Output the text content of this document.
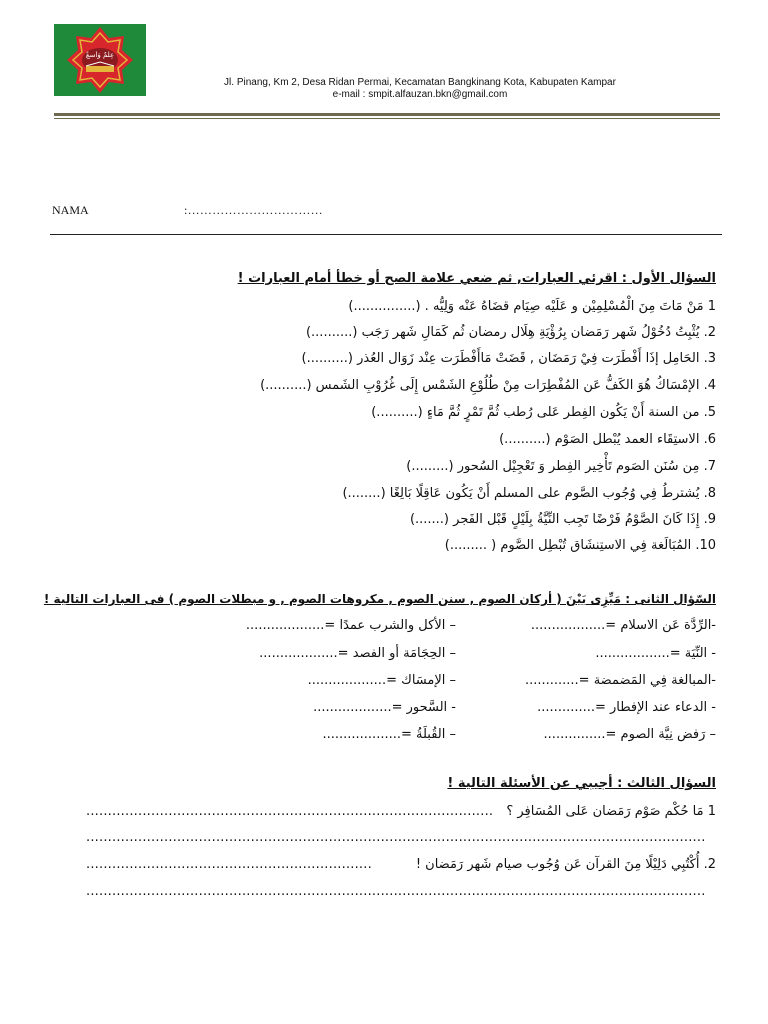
عِلمٌ وَاسعٌ
Jl. Pinang, Km 2, Desa Ridan Permai, Kecamatan Bangkinang Kota, Kabupaten Kampar
e-mail : smpit.alfauzan.bkn@gmail.com
NAMA	:……………………………
السؤال الأول : اقرئي العبارات, ثم ضعي علامة الصح أو خطأ أمام العبارات !
1 مَنْ مَاتَ مِنَ الْمُسْلِمِيْن و عَلَيْه صِيَام قضَاهُ عَنْه وَلِيُّه . (...............)
2. يُثْبِتُ دُخُوْلُ شَهر رَمَضان بِرُؤْيَةِ هِلَال رمضان ثُم كَمَالِ شَهر رَجَب (..........)
3. الحَامِل إذَا أَفْطَرَت فِيْ رَمَضَان , قَضَتْ مَاأَفْطَرَت عِنْد زَوَال العُذر (..........)
4. الإمْسَاكُ هُوَ الكَفُّ عَن المُفْطِرَات مِنْ طُلُوْعِ الشَمْس إِلَى غُرُوْبِ الشَمس (..........)
5. من السنة أَنْ يَكُون الفِطر عَلى رُطب ثُمَّ تَمْرٍ ثُمَّ مَاءٍ (..........)
6. الاستِقَاء العمد يُبْطل الصَوْم (..........)
7. مِن سُنَن الصَوم تَأْخِير الفِطر وَ تَعْجِيْل السُحور (.........)
8. يُشترطُ فِي وُجُوب الصَّوم على المسلم أَنْ يَكُون عَاقِلًا بَالِغًا (........)
9. إِذَا كَانَ الصَّوْمُ فَرْضًا تَجِب النِّيَّةُ بِلَيْلٍ قَبْل الفَجر (.......)
10. المُبَالَغة فِي الاستِنشَاق تُبْطِل الصَّوم ( .........)
السّؤال الثانى : مَيِّزِى بَيْنَ ( أركان الصوم , سنن الصوم , مكروهات الصوم , و مبطلات الصوم ) فى العبارات التالية !
-الرِّدَّة عَن الاسلام =..................
– الأكل والشرب عمدًا =...................
- النِّيَة =..................
– الحِجَامَة أو الفصد =...................
-المبالغة فِي المَضمضة =.............
– الإمسَاك =...................
- الدعاء عند الإفطار =..............
- السَّحور =...................
– رَفض نِيَّة الصوم =...............
– القُبلَةُ =...................
السؤال الثالث : أجيبي عن الأسئلة التالية !
1 مَا حُكْم صَوْم رَمَضان عَلى المُسَافِر ؟
..............................................................................................
...............................................................................................................................................
2. أُكْتُبِي دَلِيْلًا مِنَ القرآن عَن وُجُوب صيام شَهر رَمَضان !
..................................................................
...............................................................................................................................................
